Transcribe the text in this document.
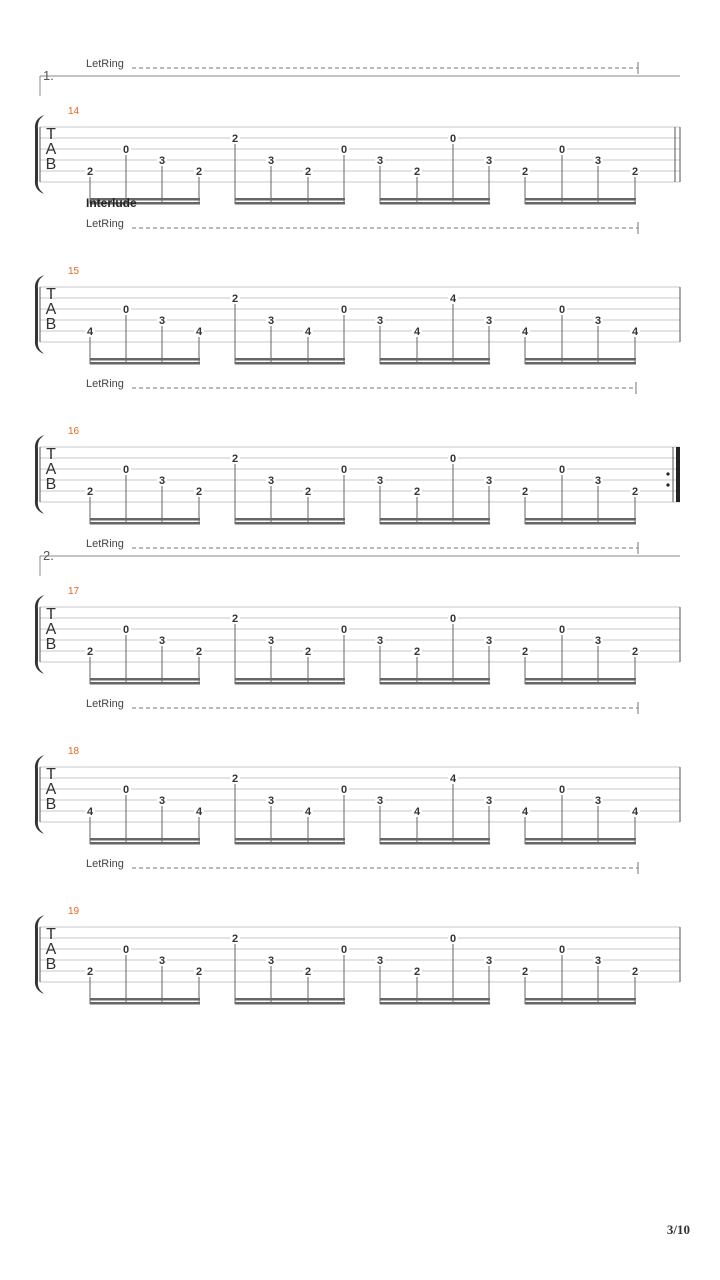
1.
LetRing
14
T
A
B	2
0
3
2
2
3
2
0
3
2
0
3
2
0
3
2
Interlude
LetRing
15
T
A
B	4
0
3
4
2
3
4
0
3
4
4
3
4
0
3
4
LetRing
16
T
A
B	2
0
3
2
2
3
2
0
3
2
0
3
2
0
3
2
2.
LetRing
17
T
A
B	2
0
3
2
2
3
2
0
3
2
0
3
2
0
3
2
LetRing
18
T
A
B	4
0
3
4
2
3
4
0
3
4
4
3
4
0
3
4
LetRing
19
T
A
B	2
0
3
2
2
3
2
0
3
2
0
3
2
0
3
2
3/10
